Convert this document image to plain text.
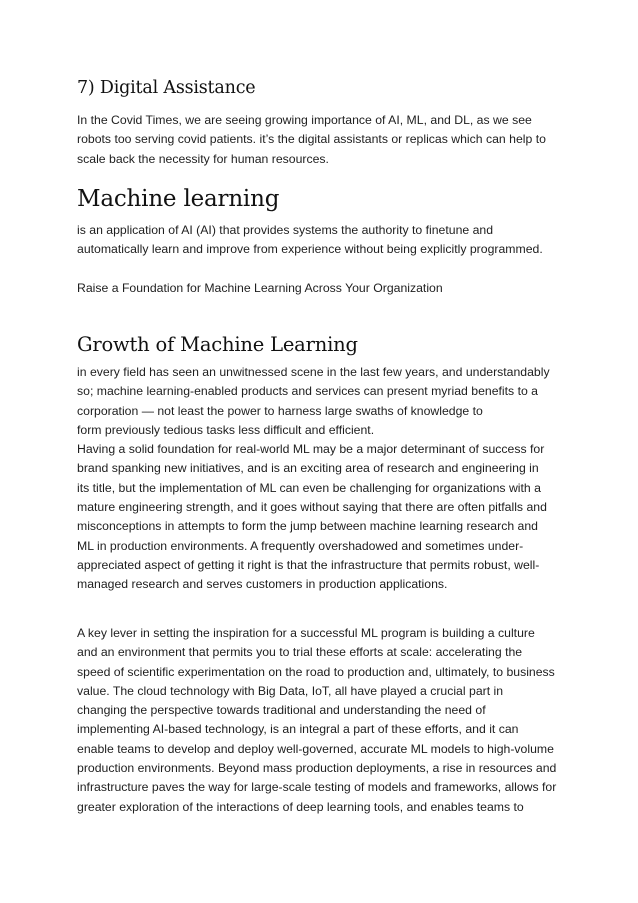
7) Digital Assistance
In the Covid Times, we are seeing growing importance of AI, ML, and DL, as we see
robots too serving covid patients. it’s the digital assistants or replicas which can help to
scale back the necessity for human resources.
Machine learning
is an application of AI (AI) that provides systems the authority to finetune and
automatically learn and improve from experience without being explicitly programmed.
Raise a Foundation for Machine Learning Across Your Organization
Growth of Machine Learning
in every field has seen an unwitnessed scene in the last few years, and understandably
so; machine learning-enabled products and services can present myriad benefits to a
corporation — not least the power to harness large swaths of knowledge to
form previously tedious tasks less difficult and efficient.
Having a solid foundation for real-world ML may be a major determinant of success for
brand spanking new initiatives, and is an exciting area of research and engineering in
its title, but the implementation of ML can even be challenging for organizations with a
mature engineering strength, and it goes without saying that there are often pitfalls and
misconceptions in attempts to form the jump between machine learning research and
ML in production environments. A frequently overshadowed and sometimes under-
appreciated aspect of getting it right is that the infrastructure that permits robust, well-
managed research and serves customers in production applications.
A key lever in setting the inspiration for a successful ML program is building a culture
and an environment that permits you to trial these efforts at scale: accelerating the
speed of scientific experimentation on the road to production and, ultimately, to business
value. The cloud technology with Big Data, IoT, all have played a crucial part in
changing the perspective towards traditional and understanding the need of
implementing AI-based technology, is an integral a part of these efforts, and it can
enable teams to develop and deploy well-governed, accurate ML models to high-volume
production environments. Beyond mass production deployments, a rise in resources and
infrastructure paves the way for large-scale testing of models and frameworks, allows for
greater exploration of the interactions of deep learning tools, and enables teams to
